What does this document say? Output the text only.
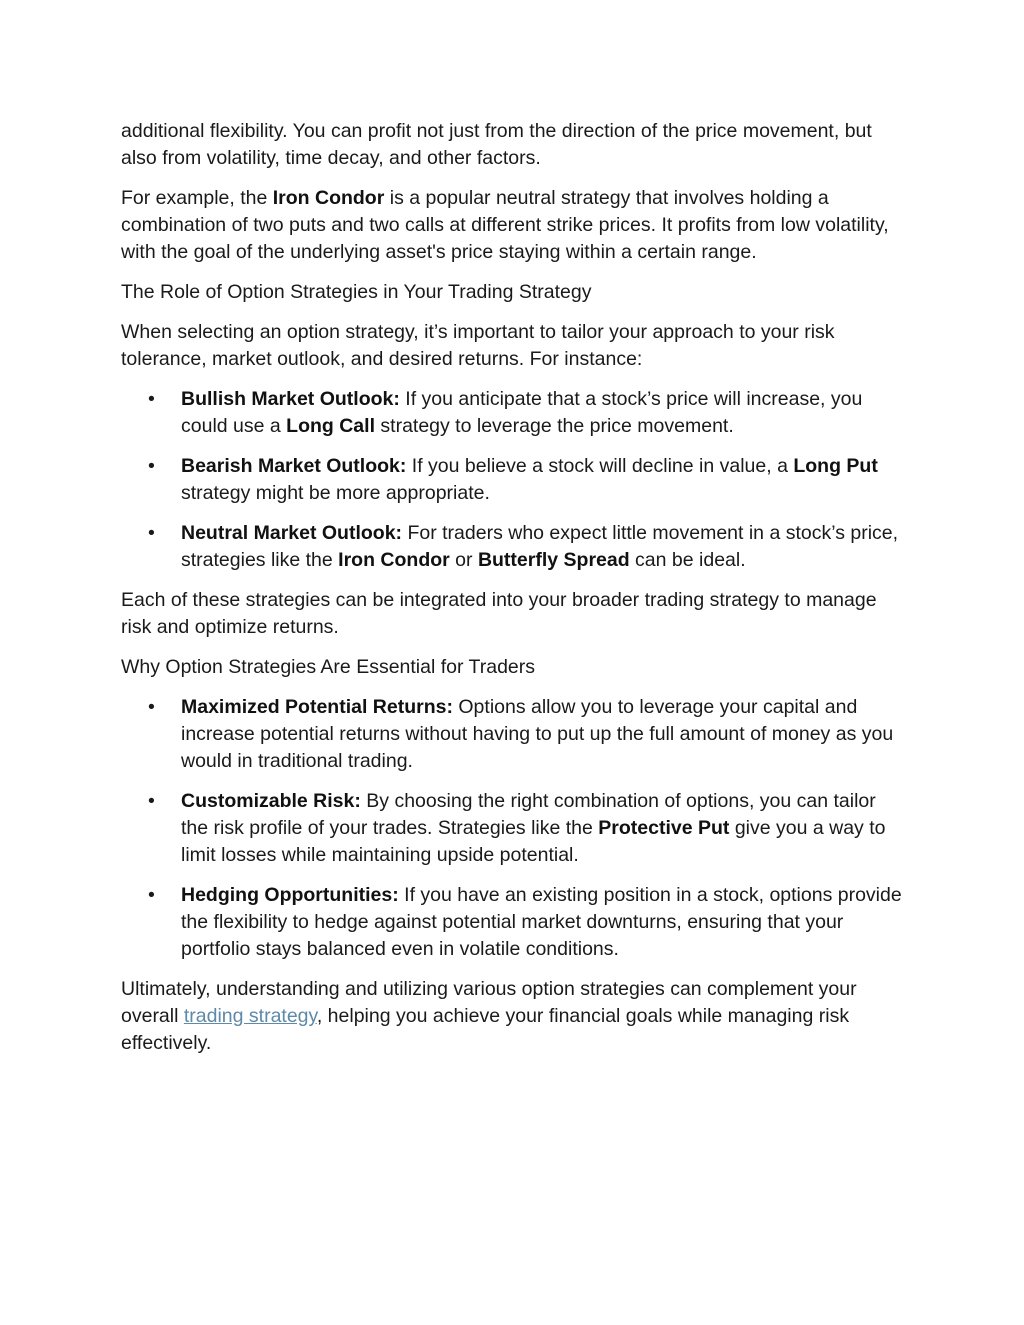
additional flexibility. You can profit not just from the direction of the price movement, but also from volatility, time decay, and other factors.

For example, the Iron Condor is a popular neutral strategy that involves holding a combination of two puts and two calls at different strike prices. It profits from low volatility, with the goal of the underlying asset's price staying within a certain range.

The Role of Option Strategies in Your Trading Strategy

When selecting an option strategy, it’s important to tailor your approach to your risk tolerance, market outlook, and desired returns. For instance:

• Bullish Market Outlook: If you anticipate that a stock’s price will increase, you could use a Long Call strategy to leverage the price movement.
• Bearish Market Outlook: If you believe a stock will decline in value, a Long Put strategy might be more appropriate.
• Neutral Market Outlook: For traders who expect little movement in a stock’s price, strategies like the Iron Condor or Butterfly Spread can be ideal.

Each of these strategies can be integrated into your broader trading strategy to manage risk and optimize returns.

Why Option Strategies Are Essential for Traders

• Maximized Potential Returns: Options allow you to leverage your capital and increase potential returns without having to put up the full amount of money as you would in traditional trading.
• Customizable Risk: By choosing the right combination of options, you can tailor the risk profile of your trades. Strategies like the Protective Put give you a way to limit losses while maintaining upside potential.
• Hedging Opportunities: If you have an existing position in a stock, options provide the flexibility to hedge against potential market downturns, ensuring that your portfolio stays balanced even in volatile conditions.

Ultimately, understanding and utilizing various option strategies can complement your overall trading strategy, helping you achieve your financial goals while managing risk effectively.
